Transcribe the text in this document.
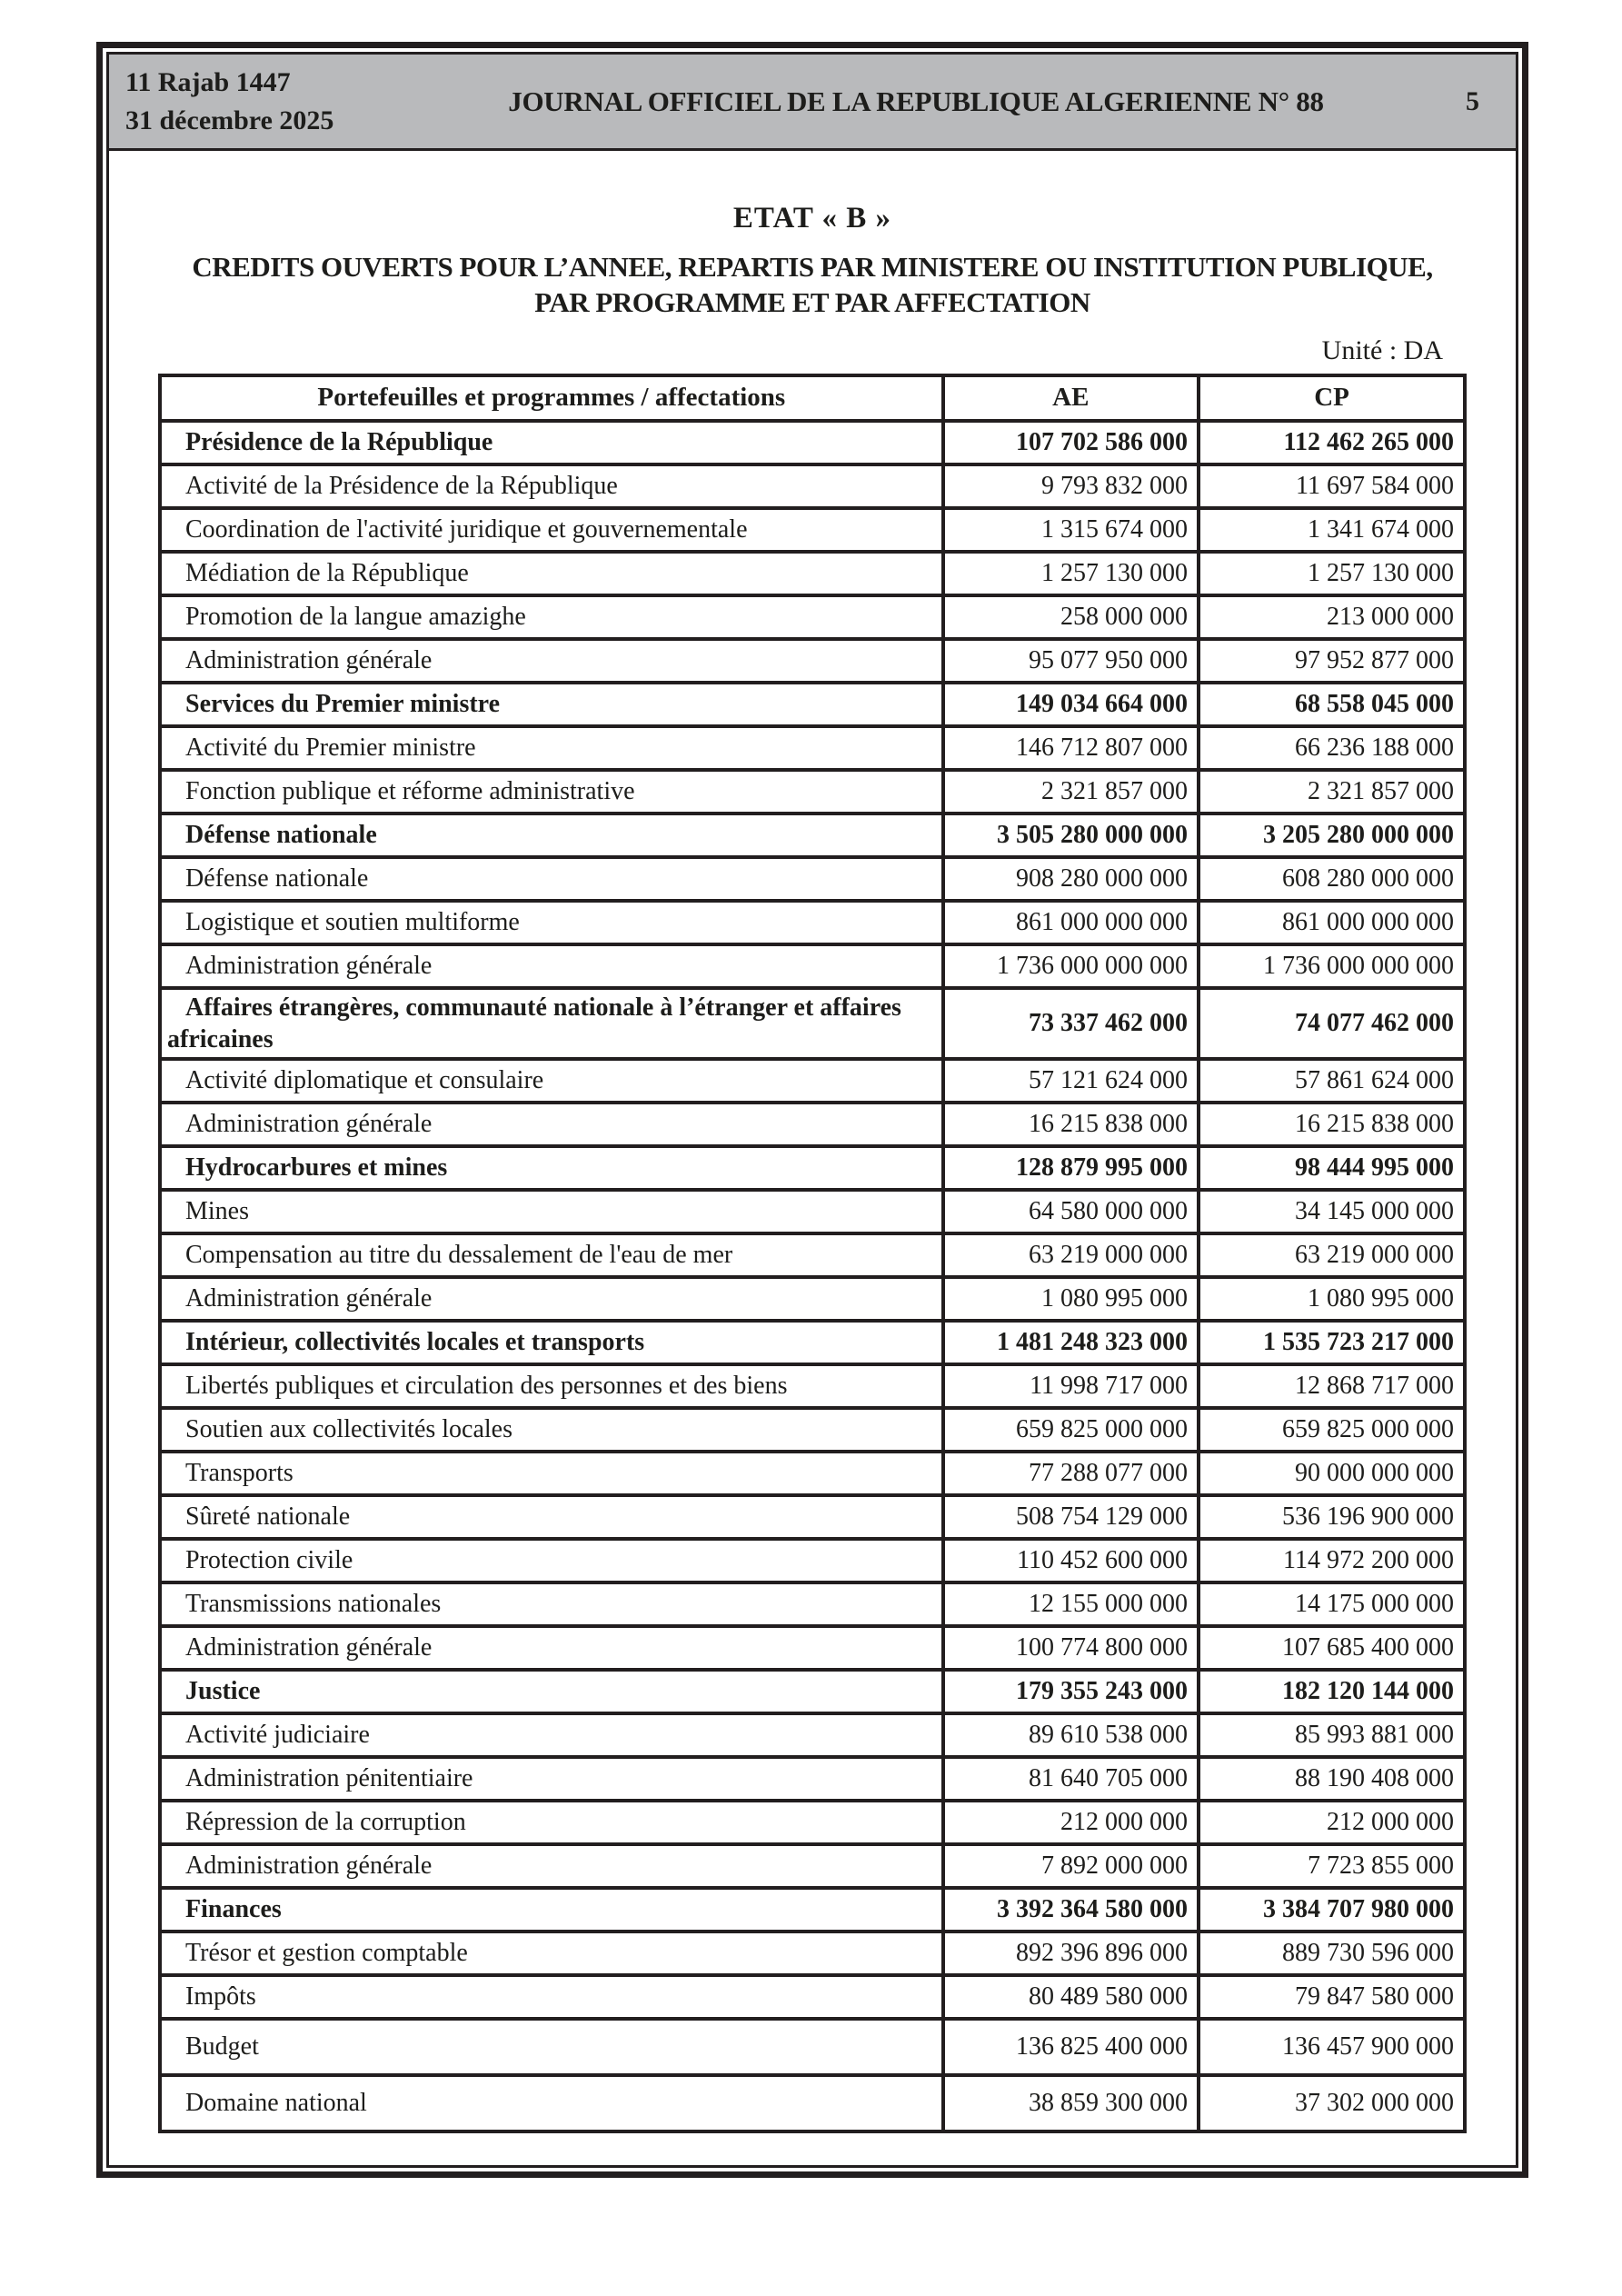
11 Rajab 1447
31 décembre 2025
JOURNAL OFFICIEL DE LA REPUBLIQUE ALGERIENNE N° 88	5
ETAT « B »
CREDITS OUVERTS POUR L’ANNEE, REPARTIS PAR MINISTERE OU INSTITUTION PUBLIQUE,
PAR PROGRAMME ET PAR AFFECTATION
Unité : DA
Portefeuilles et programmes / affectations	AE	CP
Présidence de la République	107 702 586 000	112 462 265 000
Activité de la Présidence de la République	9 793 832 000	11 697 584 000
Coordination de l'activité juridique et gouvernementale	1 315 674 000	1 341 674 000
Médiation de la République	1 257 130 000	1 257 130 000
Promotion de la langue amazighe	258 000 000	213 000 000
Administration générale	95 077 950 000	97 952 877 000
Services du Premier ministre	149 034 664 000	68 558 045 000
Activité du Premier ministre	146 712 807 000	66 236 188 000
Fonction publique et réforme administrative	2 321 857 000	2 321 857 000
Défense nationale	3 505 280 000 000	3 205 280 000 000
Défense nationale	908 280 000 000	608 280 000 000
Logistique et soutien multiforme	861 000 000 000	861 000 000 000
Administration générale	1 736 000 000 000	1 736 000 000 000
Affaires étrangères, communauté nationale à l’étranger et affaires africaines	73 337 462 000	74 077 462 000
Activité diplomatique et consulaire	57 121 624 000	57 861 624 000
Administration générale	16 215 838 000	16 215 838 000
Hydrocarbures et mines	128 879 995 000	98 444 995 000
Mines	64 580 000 000	34 145 000 000
Compensation au titre du dessalement de l'eau de mer	63 219 000 000	63 219 000 000
Administration générale	1 080 995 000	1 080 995 000
Intérieur, collectivités locales et transports	1 481 248 323 000	1 535 723 217 000
Libertés publiques et circulation des personnes et des biens	11 998 717 000	12 868 717 000
Soutien aux collectivités locales	659 825 000 000	659 825 000 000
Transports	77 288 077 000	90 000 000 000
Sûreté nationale	508 754 129 000	536 196 900 000
Protection civile	110 452 600 000	114 972 200 000
Transmissions nationales	12 155 000 000	14 175 000 000
Administration générale	100 774 800 000	107 685 400 000
Justice	179 355 243 000	182 120 144 000
Activité judiciaire	89 610 538 000	85 993 881 000
Administration pénitentiaire	81 640 705 000	88 190 408 000
Répression de la corruption	212 000 000	212 000 000
Administration générale	7 892 000 000	7 723 855 000
Finances	3 392 364 580 000	3 384 707 980 000
Trésor et gestion comptable	892 396 896 000	889 730 596 000
Impôts	80 489 580 000	79 847 580 000
Budget	136 825 400 000	136 457 900 000
Domaine national	38 859 300 000	37 302 000 000
